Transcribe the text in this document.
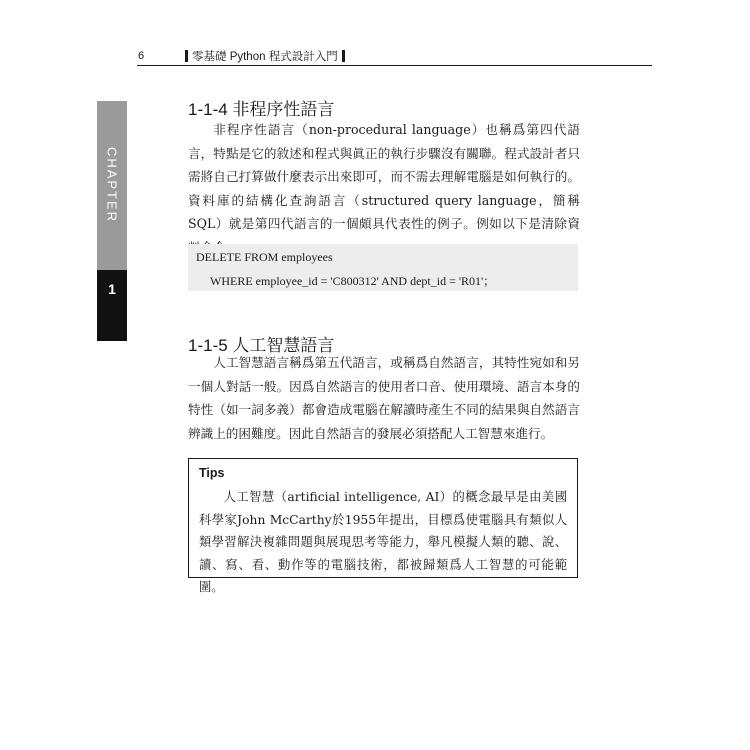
6	零基礎 Python 程式設計入門
CHAPTER
1
1-1-4 非程序性語言

非程序性語言（non-procedural language）也稱爲第四代語言，特點是它的敘述和程式與眞正的執行步驟沒有關聯。程式設計者只需將自己打算做什麼表示出來即可，而不需去理解電腦是如何執行的。資料庫的結構化查詢語言（structured query language，簡稱SQL）就是第四代語言的一個頗具代表性的例子。例如以下是清除資

DELETE FROM employees
WHERE employee_id = 'C800312' AND dept_id = 'R01'；
1-1-5 人工智慧語言

人工智慧語言稱爲第五代語言，或稱爲自然語言，其特性宛如和另一個人對話一般。因爲自然語言的使用者口音、使用環境、語言本身的特性（如一詞多義）都會造成電腦在解讀時產生不同的結果與自然語言辨識上的困難度。因此自然語言的發展必須搭配人工智慧來進行。

Tips

人工智慧（artificial intelligence, AI）的概念最早是由美國科學家John McCarthy於1955年提出，目標爲使電腦具有類似人類學習解決複雜問題與展現思考等能力，舉凡模擬人類的聽、說、讀、寫、看、動作等的電腦技術，都被歸類爲人工智慧的可能範圍。
